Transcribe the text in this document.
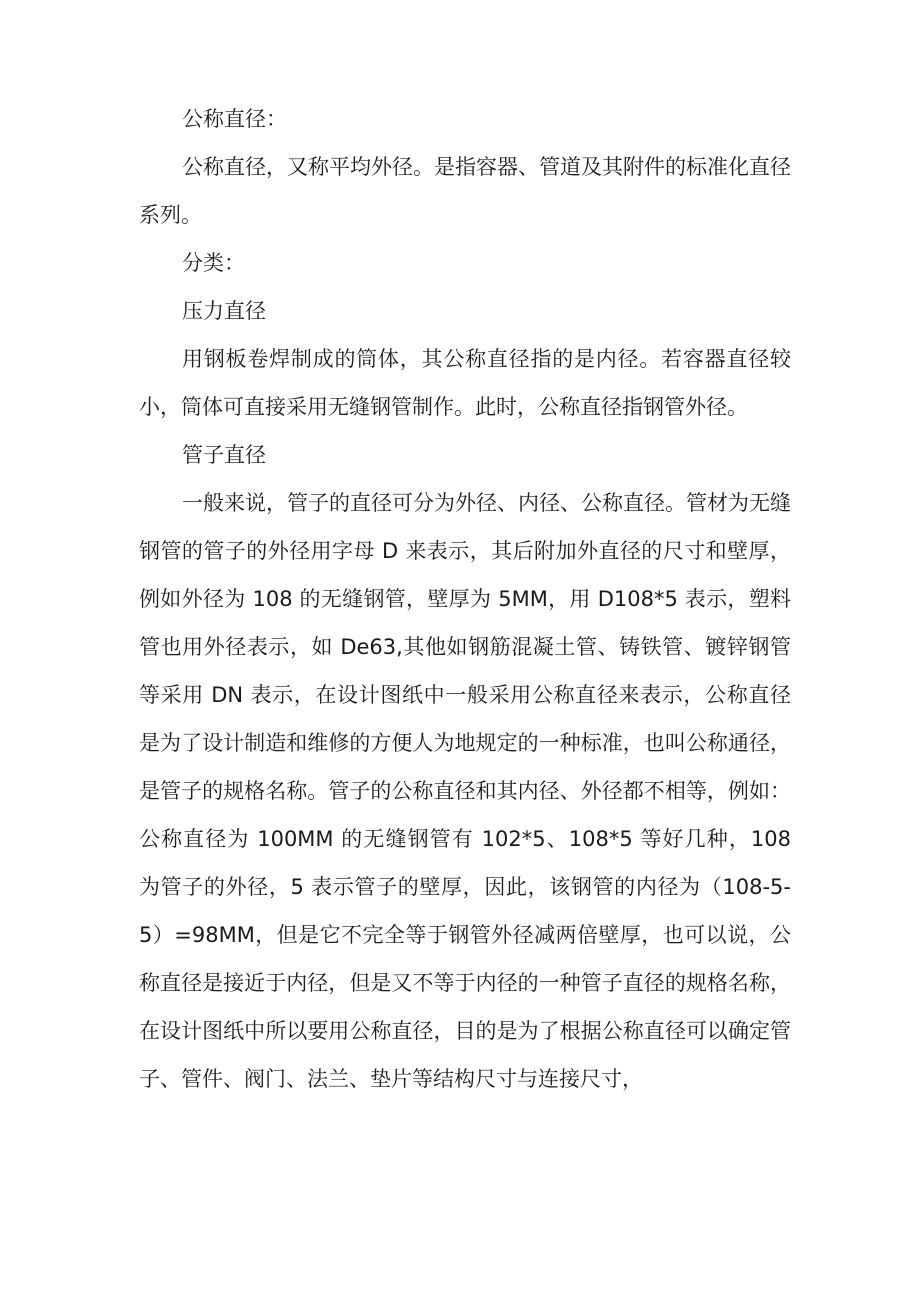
公称直径：

公称直径，又称平均外径。是指容器、管道及其附件的标准化直径系列。

分类：

压力直径

用钢板卷焊制成的筒体，其公称直径指的是内径。若容器直径较小，筒体可直接采用无缝钢管制作。此时，公称直径指钢管外径。

管子直径

一般来说，管子的直径可分为外径、内径、公称直径。管材为无缝钢管的管子的外径用字母 D 来表示，其后附加外直径的尺寸和壁厚，例如外径为 108 的无缝钢管，壁厚为 5MM，用 D108*5 表示，塑料管也用外径表示，如 De63,其他如钢筋混凝土管、铸铁管、镀锌钢管等采用 DN 表示，在设计图纸中一般采用公称直径来表示，公称直径是为了设计制造和维修的方便人为地规定的一种标准，也叫公称通径，是管子的规格名称。管子的公称直径和其内径、外径都不相等，例如：公称直径为 100MM 的无缝钢管有 102*5、108*5 等好几种，108 为管子的外径，5 表示管子的壁厚，因此，该钢管的内径为（108-5-5）=98MM，但是它不完全等于钢管外径减两倍壁厚，也可以说，公称直径是接近于内径，但是又不等于内径的一种管子直径的规格名称，在设计图纸中所以要用公称直径，目的是为了根据公称直径可以确定管子、管件、阀门、法兰、垫片等结构尺寸与连接尺寸，
